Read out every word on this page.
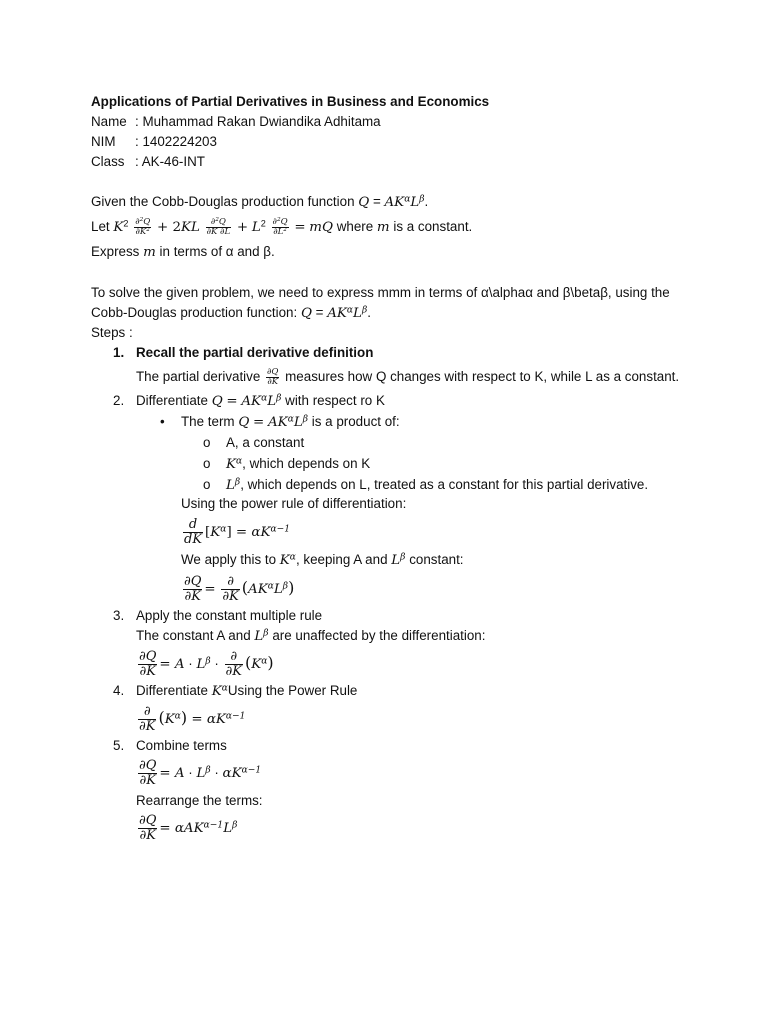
Applications of Partial Derivatives in Business and Economics
Name : Muhammad Rakan Dwiandika Adhitama
NIM : 1402224203
Class : AK-46-INT
Given the Cobb-Douglas production function $Q = AK^\alpha L^\beta$.
Let $K^2 \frac{\partial^2Q}{\partial K^2} + 2KL \frac{\partial^2Q}{\partial K \partial L} + L^2 \frac{\partial^2Q}{\partial L^2}$ = mQ where m is a constant.
Express m in terms of α and β.
To solve the given problem, we need to express mmm in terms of α\alphaα and β\betaβ, using the
Cobb-Douglas production function: $Q = AK^\alpha L^\beta$.
Steps :
1. Recall the partial derivative definition
The partial derivative $\frac{\partial Q}{\partial K}$ measures how Q changes with respect to K, while L as a constant.
2. Differentiate $Q = AK^\alpha L^\beta$ with respect ro K
• The term $Q = AK^\alpha L^\beta$ is a product of:
o A, a constant
o $K^\alpha$, which depends on K
o $L^\beta$, which depends on L, treated as a constant for this partial derivative.
Using the power rule of differentiation:
$\frac{d}{dK} [K^\alpha] = \alpha K^{\alpha-1}$
We apply this to $K^\alpha$, keeping A and $L^\beta$ constant:
$\frac{\partial Q}{\partial K} = \frac{\partial}{\partial K} (AK^\alpha L^\beta)$
3. Apply the constant multiple rule
The constant A and $L^\beta$ are unaffected by the differentiation:
$\frac{\partial Q}{\partial K} = A \cdot L^\beta \cdot \frac{\partial}{\partial K} (K^\alpha)$
4. Differentiate $K^\alpha Using$ the Power Rule
$\frac{\partial}{\partial K} (K^\alpha) = \alpha K^{\alpha-1}$
5. Combine terms
$\frac{\partial Q}{\partial K} = A \cdot L^\beta \cdot \alpha K^{\alpha-1}$
Rearrange the terms:
$\frac{\partial Q}{\partial K} = \alpha AK^{\alpha-1}L^\beta$
